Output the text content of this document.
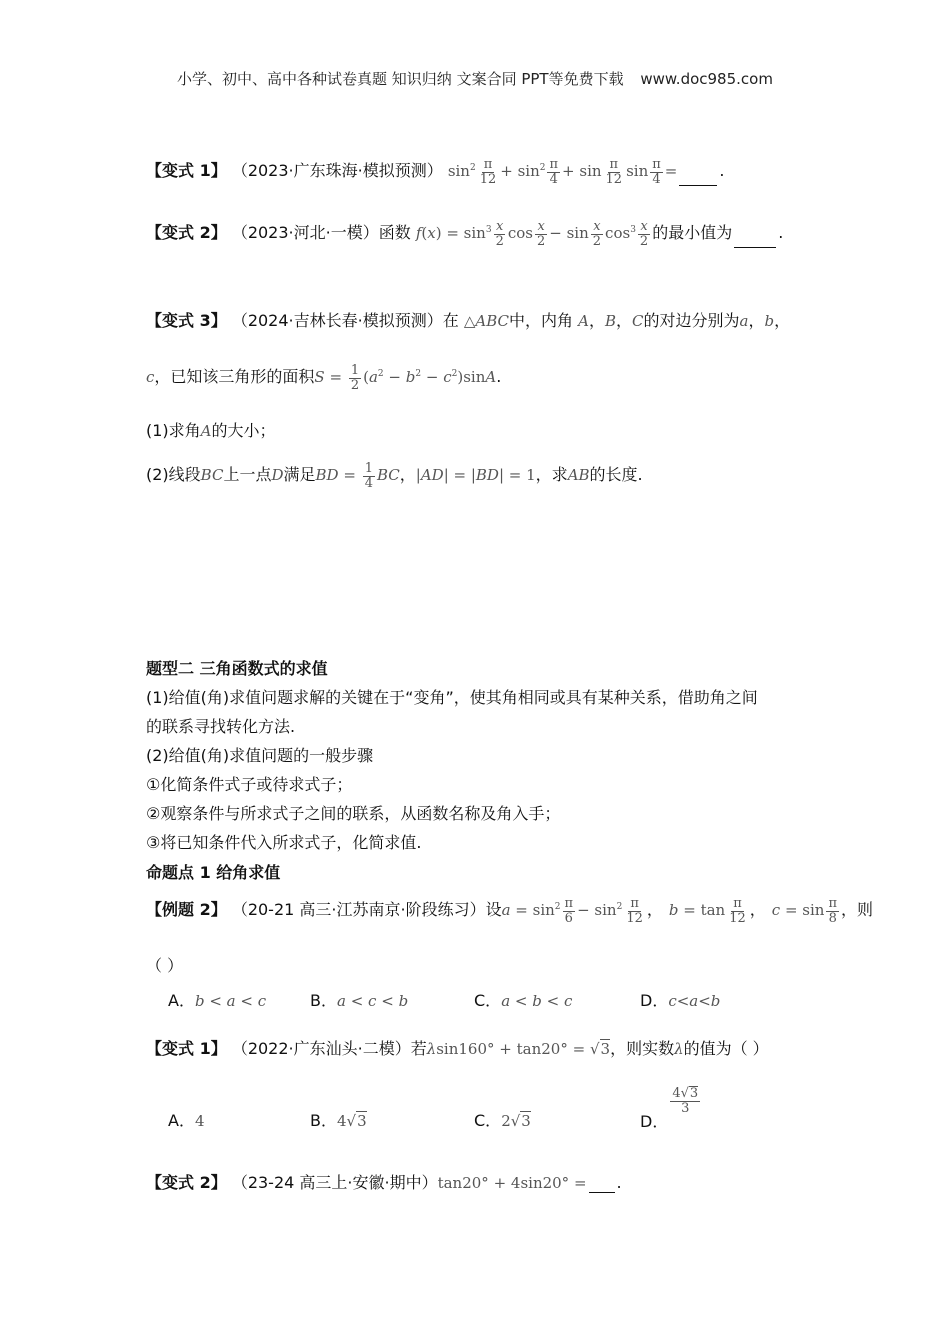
小学、初中、高中各种试卷真题 知识归纳 文案合同 PPT等免费下载 www.doc985.com
【变式 1】 （2023·广东珠海·模拟预测） $\sin^2 \frac{\pi}{12} + \sin^2 \frac{\pi}{4} + \sin \frac{\pi}{12}$ $\sin \frac{\pi}{4}$ =	.
【变式 2】 （2023·河北·一模）函数 $f(x) = \sin^3 \frac{x}{2}$ $\cos \frac{x}{2} - \sin \frac{x}{2} \cos^3 \frac{x}{2}$ 的最小值为	.
【变式 3】 （2024·吉林长春·模拟预测）在 △ABC中，内角 A，B，C的对边分别为a，b，
c，已知该三角形的面积$S = \frac{1}{2} (a^2 - b^2 - c^2)\sin A$.
(1)求角A的大小；
(2)线段BC上一点D满足BD = $\frac{1}{4}$ BC，|AD| = |BD| = 1，求AB的长度.
题型二 三角函数式的求值
(1)给值(角)求值问题求解的关键在于“变角”，使其角相同或具有某种关系，借助角之间
的联系寻找转化方法.
(2)给值(角)求值问题的一般步骤
①化简条件式子或待求式子；
②观察条件与所求式子之间的联系，从函数名称及角入手；
③将已知条件代入所求式子，化简求值.
命题点 1 给角求值
【例题 2】 （20-21 高三·江苏南京·阶段练习）设$a = \sin^2 \frac{\pi}{6} - \sin^2 \frac{\pi}{12}$ ， $b = \tan \frac{\pi}{12}$ ， $c = \sin \frac{\pi}{8}$ ，则
（ ）
A．b < a < c	B．a < c < b	C．a < b < c	D．c<a<b
【变式 1】 （2022·广东汕头·二模）若λsin160° + tan20° = √3，则实数λ的值为（ ）
A．4	B．4√3	C．2√3	D．
$\frac{4√3}{3}$
【变式 2】 （23-24 高三上·安徽·期中）tan20° + 4sin20° = .
